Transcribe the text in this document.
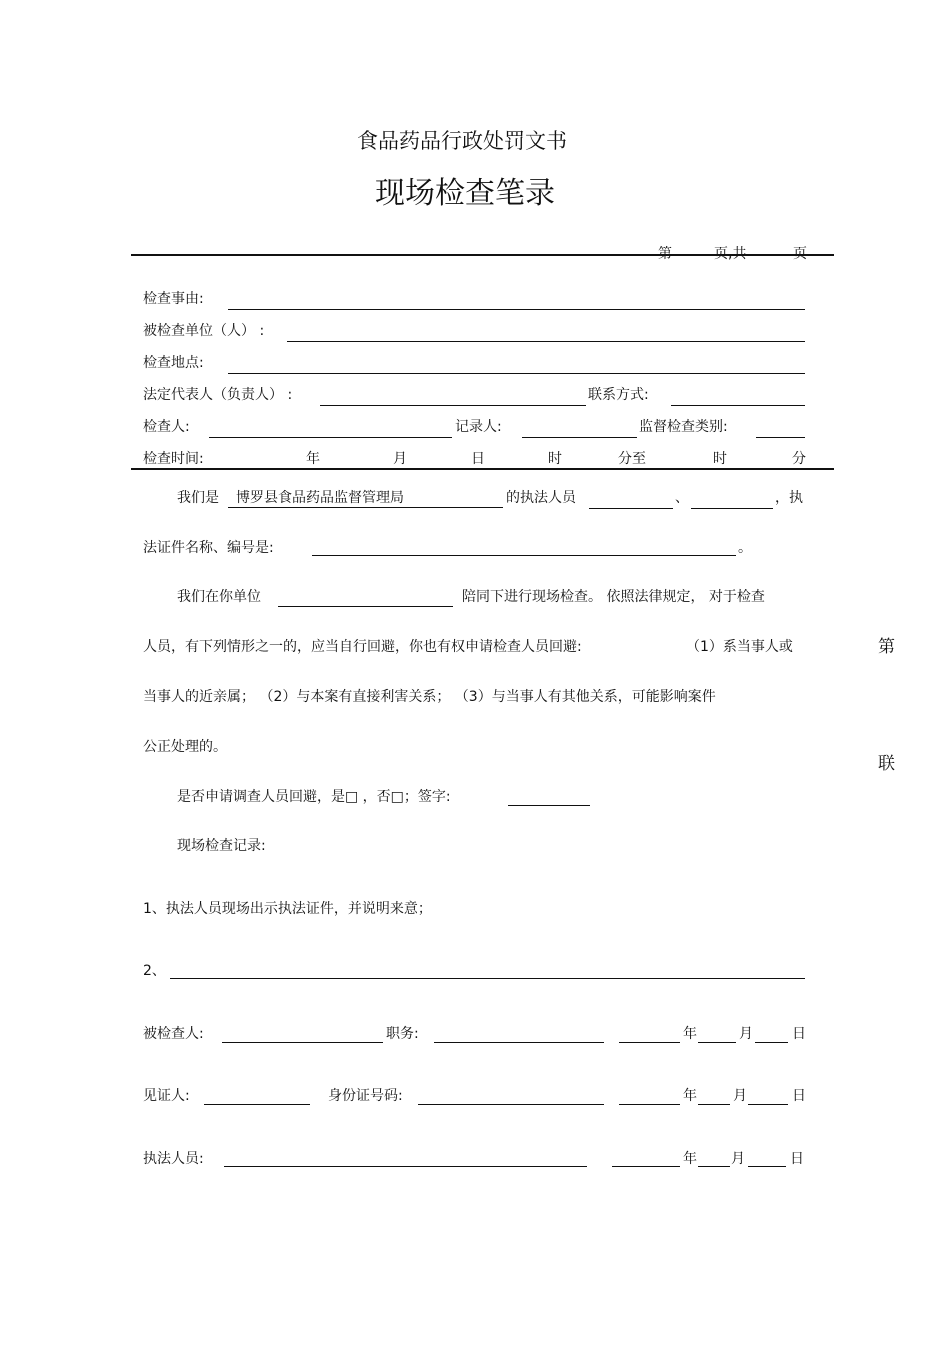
食品药品行政处罚文书
现场检查笔录
第	页,共	页
检查事由:
被检查单位（人） :
检查地点:
法定代表人（负责人） :	联系方式:
检查人:	记录人:	监督检查类别:
检查时间:	年	月	日	时	分至	时	分
我们是	博罗县食品药品监督管理局	的执法人员	、	，执
法证件名称、编号是:	。
我们在你单位	陪同下进行现场检查。 依照法律规定， 对于检查
人员，有下列情形之一的，应当自行回避，你也有权申请检查人员回避:	（1）系当事人或
当事人的近亲属； （2）与本案有直接利害关系； （3）与当事人有其他关系，可能影响案件
公正处理的。
是否申请调查人员回避，是□ ，否□；签字:
现场检查记录:
1、执法人员现场出示执法证件，并说明来意；
2、
被检查人:	职务:	年	月	日
见证人:	身份证号码:	年	月	日
执法人员:	年 月	日
第
联
